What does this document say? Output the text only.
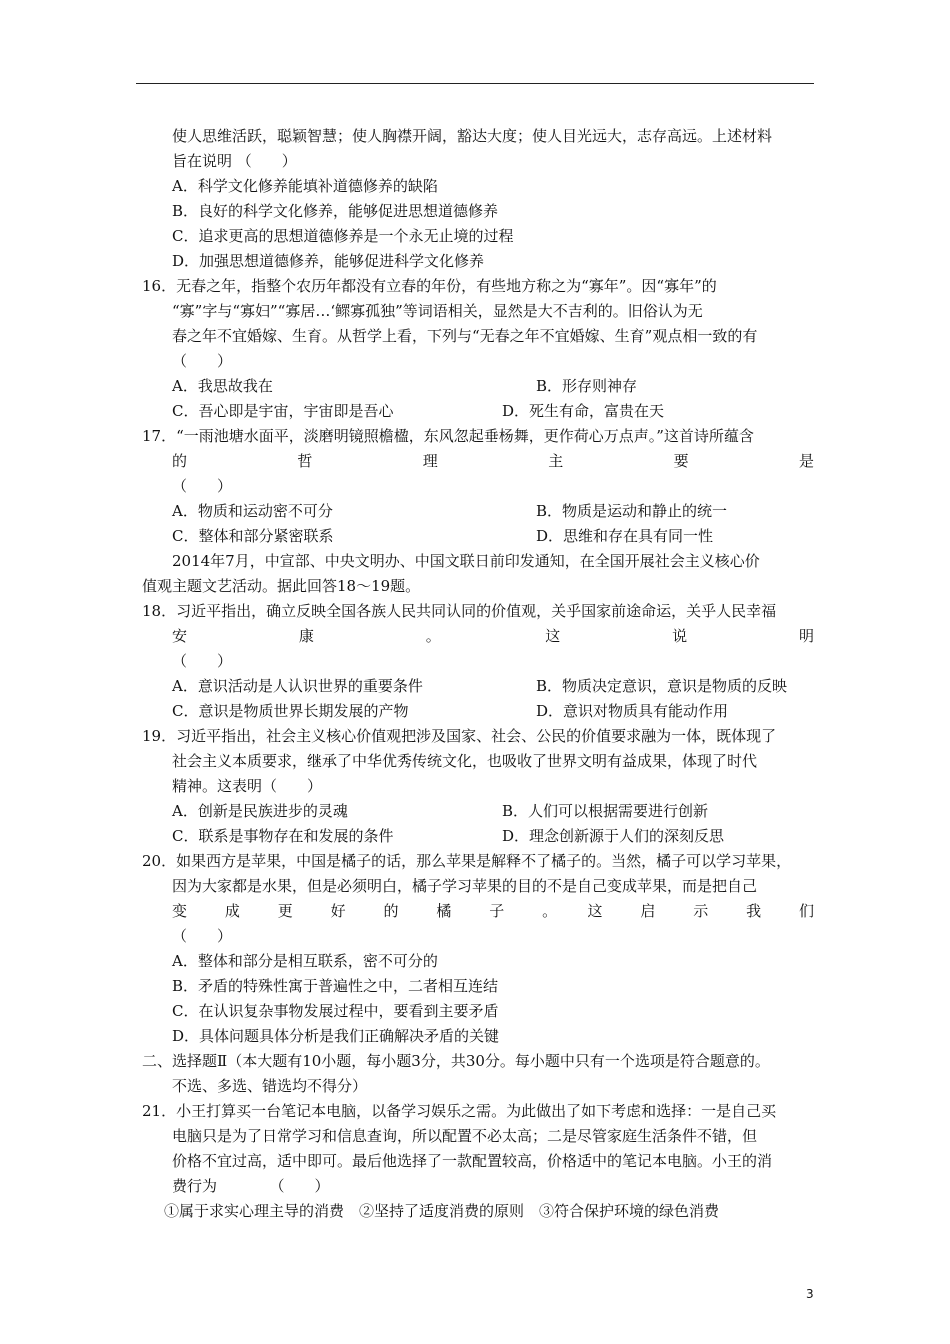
使人思维活跃，聪颖智慧；使人胸襟开阔，豁达大度；使人目光远大，志存高远。上述材料
旨在说明 （　　）
A．科学文化修养能填补道德修养的缺陷
B．良好的科学文化修养，能够促进思想道德修养
C．追求更高的思想道德修养是一个永无止境的过程
D．加强思想道德修养，能够促进科学文化修养
16．无春之年，指整个农历年都没有立春的年份，有些地方称之为“寡年”。因“寡年”的
“寡”字与“寡妇”“寡居…‘鳏寡孤独”等词语相关，显然是大不吉利的。旧俗认为无
春之年不宜婚嫁、生育。从哲学上看，下列与“无春之年不宜婚嫁、生育”观点相一致的有
（　　）
A．我思故我在	B．形存则神存
C．吾心即是宇宙，宇宙即是吾心	D．死生有命，富贵在天
17．“一雨池塘水面平，淡磨明镜照檐楹，东风忽起垂杨舞，更作荷心万点声。”这首诗所蕴含
的　哲　理　主　要　是
（　　）
A．物质和运动密不可分	B．物质是运动和静止的统一
C．整体和部分紧密联系	D．思维和存在具有同一性
2014年7月，中宣部、中央文明办、中国文联日前印发通知，在全国开展社会主义核心价
值观主题文艺活动。据此回答18～19题。
18．习近平指出，确立反映全国各族人民共同认同的价值观，关乎国家前途命运，关乎人民幸福
安　康　。　这　说　明
（　　）
A．意识活动是人认识世界的重要条件	B．物质决定意识，意识是物质的反映
C．意识是物质世界长期发展的产物	D．意识对物质具有能动作用
19．习近平指出，社会主义核心价值观把涉及国家、社会、公民的价值要求融为一体，既体现了
社会主义本质要求，继承了中华优秀传统文化，也吸收了世界文明有益成果，体现了时代
精神。这表明（　　）
A．创新是民族进步的灵魂	B．人们可以根据需要进行创新
C．联系是事物存在和发展的条件	D．理念创新源于人们的深刻反思
20．如果西方是苹果，中国是橘子的话，那么苹果是解释不了橘子的。当然，橘子可以学习苹果，
因为大家都是水果，但是必须明白，橘子学习苹果的目的不是自己变成苹果，而是把自己
变　成　更　好　的　橘　子　。　这　启　示　我　们
（　　）
A．整体和部分是相互联系，密不可分的
B．矛盾的特殊性寓于普遍性之中，二者相互连结
C．在认识复杂事物发展过程中，要看到主要矛盾
D．具体问题具体分析是我们正确解决矛盾的关键
二、选择题Ⅱ（本大题有10小题，每小题3分，共30分。每小题中只有一个选项是符合题意的。
不选、多选、错选均不得分）
21．小王打算买一台笔记本电脑，以备学习娱乐之需。为此做出了如下考虑和选择：一是自己买
电脑只是为了日常学习和信息查询，所以配置不必太高；二是尽管家庭生活条件不错，但
价格不宜过高，适中即可。最后他选择了一款配置较高，价格适中的笔记本电脑。小王的消
费行为　　　　（　　）
①属于求实心理主导的消费　②坚持了适度消费的原则　③符合保护环境的绿色消费
3
